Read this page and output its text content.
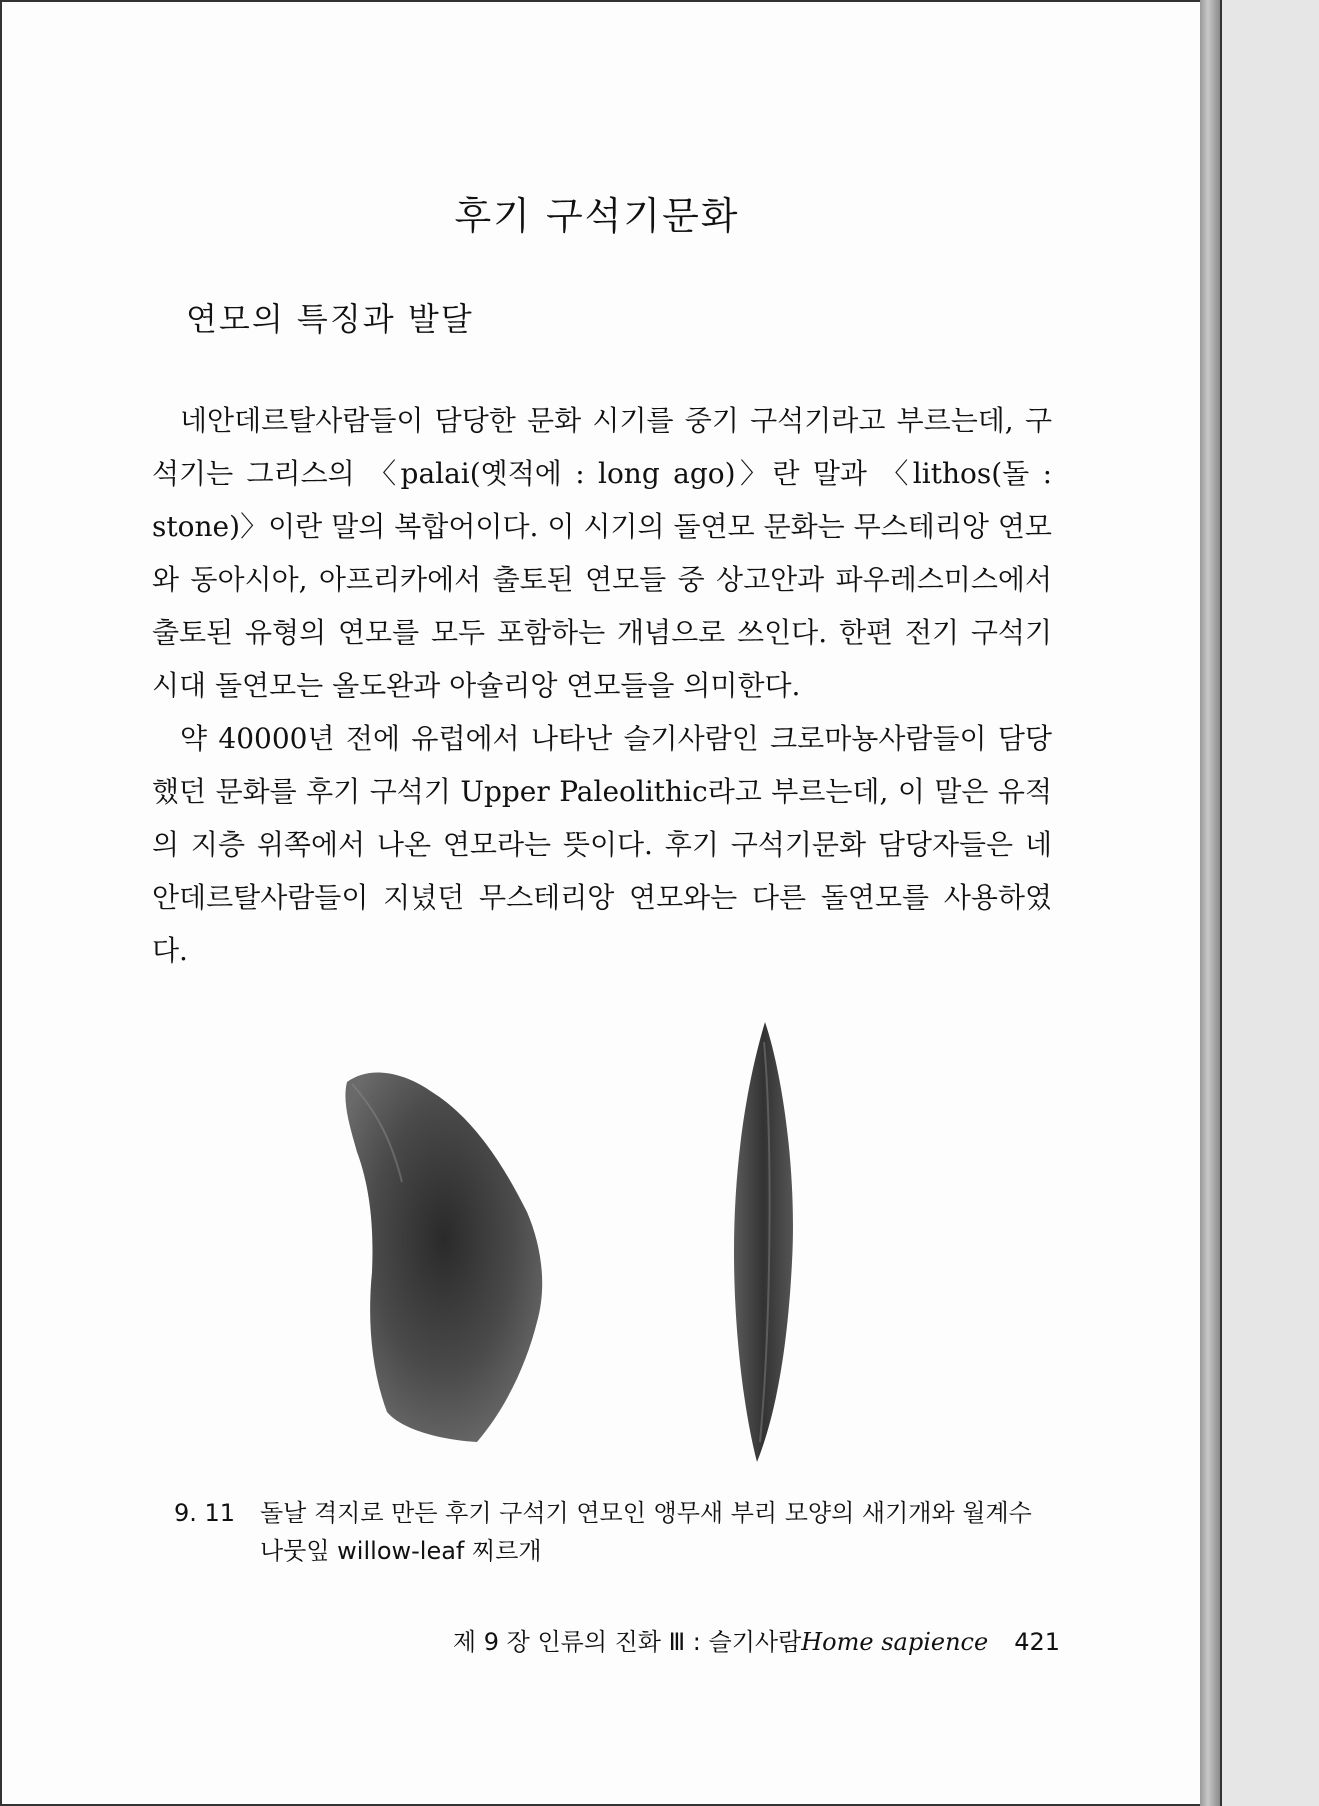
후기 구석기문화
연모의 특징과 발달

네안데르탈사람들이 담당한 문화 시기를 중기 구석기라고 부르는데, 구석기는 그리스의 〈palai(옛적에 : long ago)〉란 말과 〈lithos(돌 : stone)〉이란 말의 복합어이다. 이 시기의 돌연모 문화는 무스테리앙 연모와 동아시아, 아프리카에서 출토된 연모들 중 상고안과 파우레스미스에서 출토된 유형의 연모를 모두 포함하는 개념으로 쓰인다. 한편 전기 구석기시대 돌연모는 올도완과 아슐리앙 연모들을 의미한다.

약 40000년 전에 유럽에서 나타난 슬기사람인 크로마뇽사람들이 담당했던 문화를 후기 구석기 Upper Paleolithic라고 부르는데, 이 말은 유적의 지층 위쪽에서 나온 연모라는 뜻이다. 후기 구석기문화 담당자들은 네안데르탈사람들이 지녔던 무스테리앙 연모와는 다른 돌연모를 사용하였다.

9. 11 돌날 격지로 만든 후기 구석기 연모인 앵무새 부리 모양의 새기개와 월계수 나뭇잎 willow-leaf 찌르개
제 9 장 인류의 진화 Ⅲ : 슬기사람Home sapience 421
